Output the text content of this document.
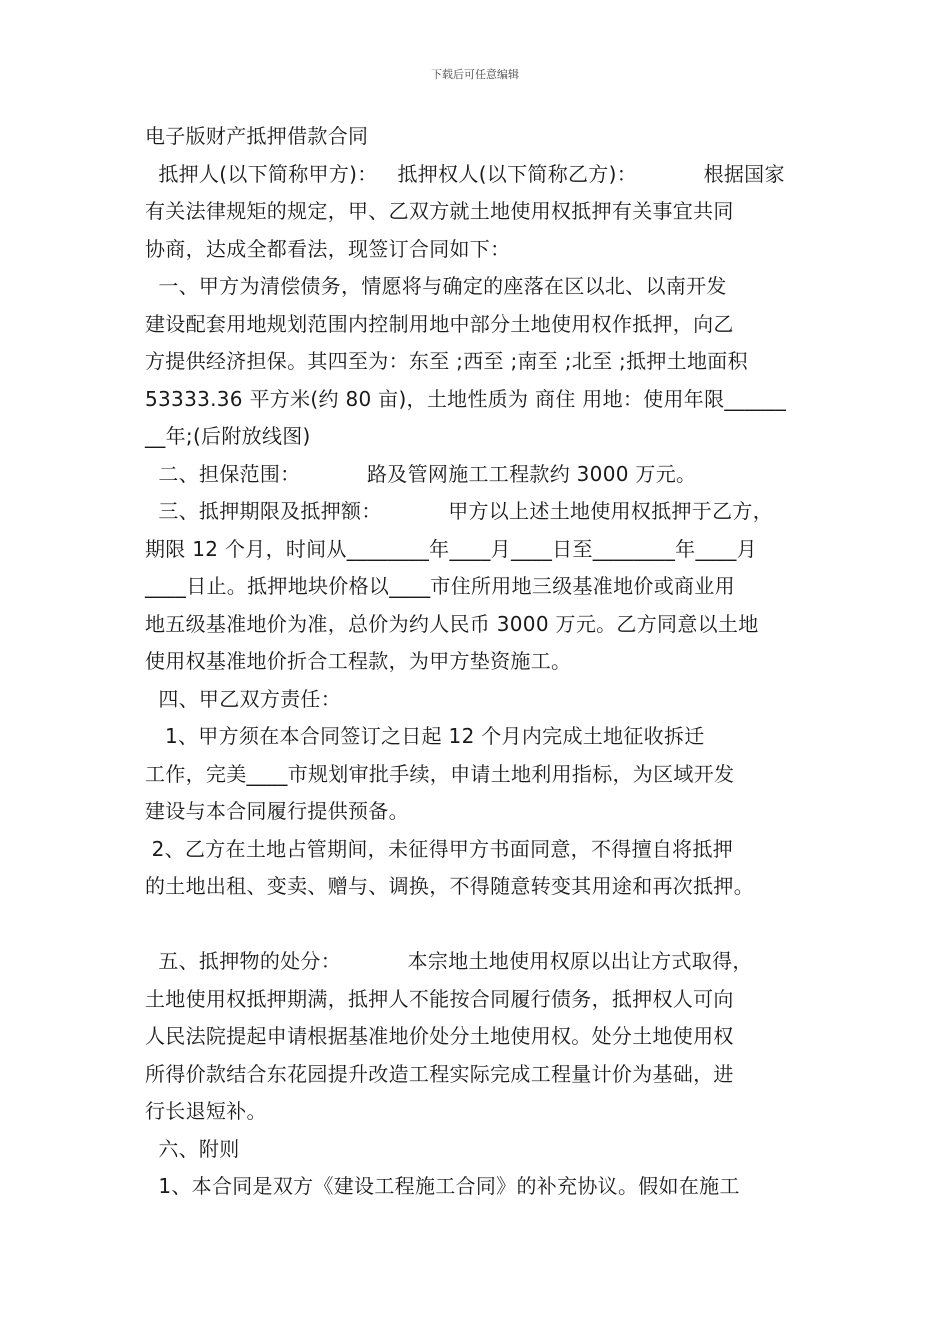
下载后可任意编辑
电子版财产抵押借款合同
抵押人(以下简称甲方)：   抵押权人(以下简称乙方)：          根据国家
有关法律规矩的规定，甲、乙双方就土地使用权抵押有关事宜共同
协商，达成全都看法，现签订合同如下：
一、甲方为清偿债务，情愿将与确定的座落在区以北、以南开发
建设配套用地规划范围内控制用地中部分土地使用权作抵押，向乙
方提供经济担保。其四至为：东至 ;西至 ;南至 ;北至 ;抵押土地面积
53333.36 平方米(约 80 亩)，土地性质为 商住 用地：使用年限______
__年;(后附放线图)
二、担保范围：          路及管网施工工程款约 3000 万元。
三、抵押期限及抵押额：          甲方以上述土地使用权抵押于乙方，
期限 12 个月，时间从________年____月____日至________年____月
____日止。抵押地块价格以____市住所用地三级基准地价或商业用
地五级基准地价为准，总价为约人民币 3000 万元。乙方同意以土地
使用权基准地价折合工程款，为甲方垫资施工。
四、甲乙双方责任：
1、甲方须在本合同签订之日起 12 个月内完成土地征收拆迁
工作，完美____市规划审批手续，申请土地利用指标，为区域开发
建设与本合同履行提供预备。
2、乙方在土地占管期间，未征得甲方书面同意，不得擅自将抵押
的土地出租、变卖、赠与、调换，不得随意转变其用途和再次抵押。
五、抵押物的处分：          本宗地土地使用权原以出让方式取得，
土地使用权抵押期满，抵押人不能按合同履行债务，抵押权人可向
人民法院提起申请根据基准地价处分土地使用权。处分土地使用权
所得价款结合东花园提升改造工程实际完成工程量计价为基础，进
行长退短补。
六、附则
1、本合同是双方《建设工程施工合同》的补充协议。假如在施工
